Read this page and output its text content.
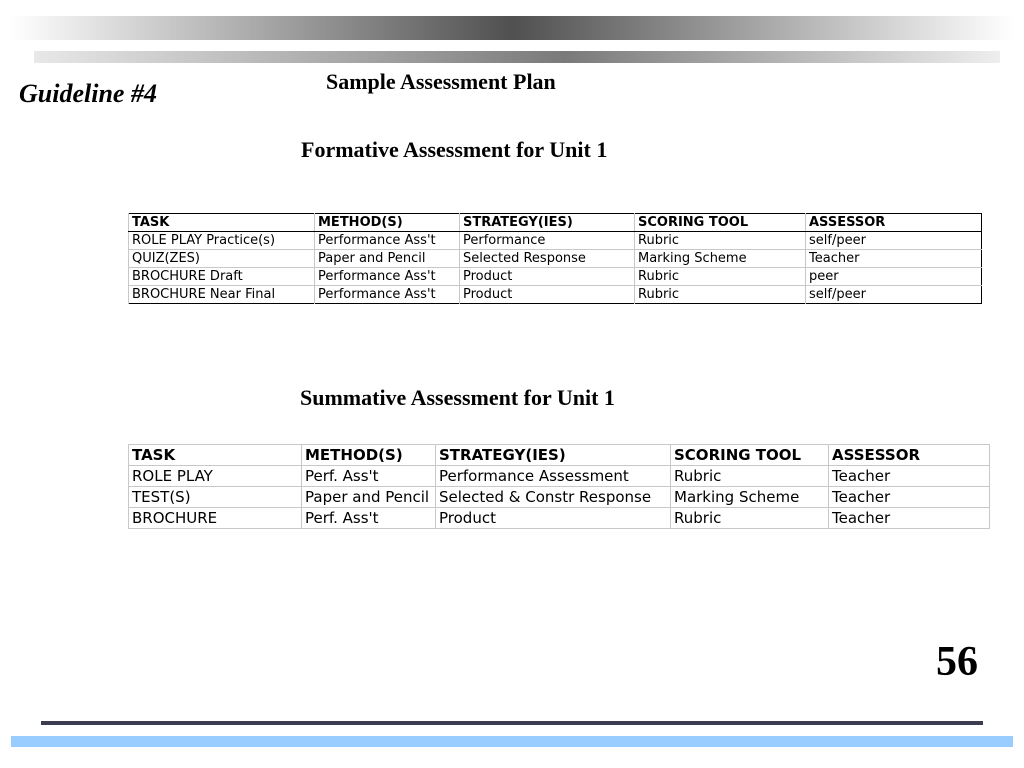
Guideline #4	Sample Assessment Plan
Formative Assessment for Unit 1
TASK	METHOD(S)	STRATEGY(IES)	SCORING TOOL	ASSESSOR
ROLE PLAY Practice(s)	Performance Ass't	Performance	Rubric	self/peer
QUIZ(ZES)	Paper and Pencil	Selected Response	Marking Scheme	Teacher
BROCHURE Draft	Performance Ass't	Product	Rubric	peer
BROCHURE Near Final	Performance Ass't	Product	Rubric	self/peer
Summative Assessment for Unit 1
TASK	METHOD(S)	STRATEGY(IES)	SCORING TOOL	ASSESSOR
ROLE PLAY	Perf. Ass't	Performance Assessment	Rubric	Teacher
TEST(S)	Paper and Pencil	Selected & Constr Response	Marking Scheme	Teacher
BROCHURE	Perf. Ass't	Product	Rubric	Teacher
56
